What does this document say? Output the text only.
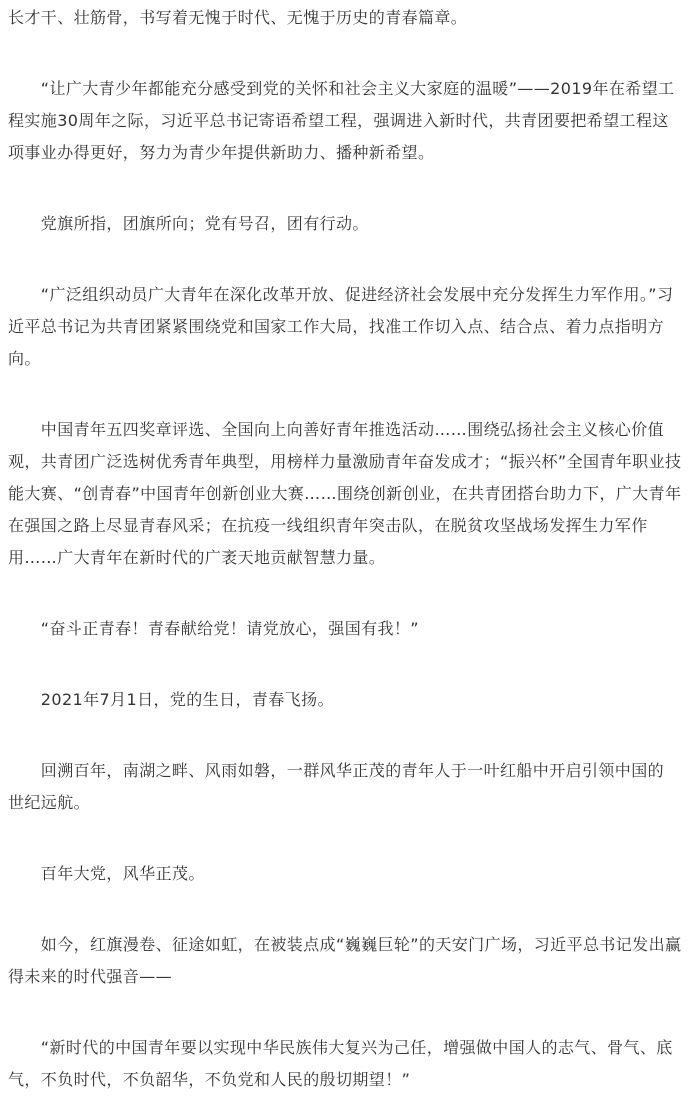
长才干、壮筋骨，书写着无愧于时代、无愧于历史的青春篇章。

　　“让广大青少年都能充分感受到党的关怀和社会主义大家庭的温暖”——2019年在希望工
程实施30周年之际，习近平总书记寄语希望工程，强调进入新时代，共青团要把希望工程这
项事业办得更好，努力为青少年提供新助力、播种新希望。

　　党旗所指，团旗所向；党有号召，团有行动。

　　“广泛组织动员广大青年在深化改革开放、促进经济社会发展中充分发挥生力军作用。”习
近平总书记为共青团紧紧围绕党和国家工作大局，找准工作切入点、结合点、着力点指明方
向。

　　中国青年五四奖章评选、全国向上向善好青年推选活动……围绕弘扬社会主义核心价值
观，共青团广泛选树优秀青年典型，用榜样力量激励青年奋发成才；“振兴杯”全国青年职业技
能大赛、“创青春”中国青年创新创业大赛……围绕创新创业，在共青团搭台助力下，广大青年
在强国之路上尽显青春风采；在抗疫一线组织青年突击队，在脱贫攻坚战场发挥生力军作
用……广大青年在新时代的广袤天地贡献智慧力量。

　　“奋斗正青春！青春献给党！请党放心，强国有我！”

　　2021年7月1日，党的生日，青春飞扬。

　　回溯百年，南湖之畔、风雨如磐，一群风华正茂的青年人于一叶红船中开启引领中国的
世纪远航。

　　百年大党，风华正茂。

　　如今，红旗漫卷、征途如虹，在被装点成“巍巍巨轮”的天安门广场，习近平总书记发出赢
得未来的时代强音——

　　“新时代的中国青年要以实现中华民族伟大复兴为己任，增强做中国人的志气、骨气、底
气，不负时代，不负韶华，不负党和人民的殷切期望！”
